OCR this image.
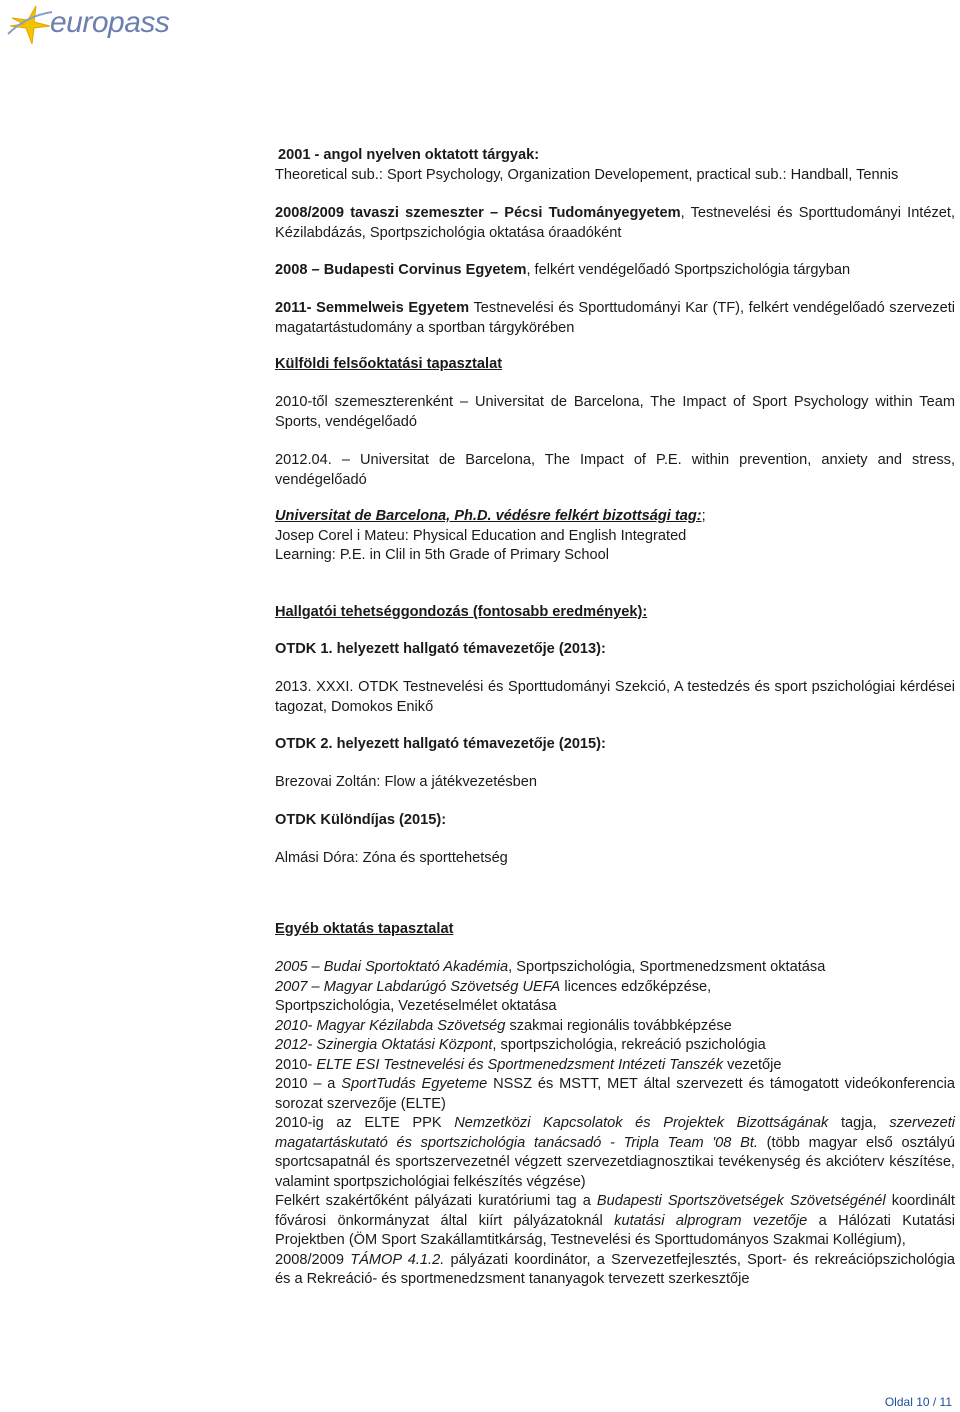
europass
2001 - angol nyelven oktatott tárgyak:
Theoretical sub.: Sport Psychology, Organization Developement, practical sub.: Handball, Tennis
2008/2009 tavaszi szemeszter – Pécsi Tudományegyetem, Testnevelési és Sporttudományi Intézet, Kézilabdázás, Sportpszichológia oktatása óraadóként
2008 – Budapesti Corvinus Egyetem, felkért vendégelőadó Sportpszichológia tárgyban
2011- Semmelweis Egyetem Testnevelési és Sporttudományi Kar (TF), felkért vendégelőadó szervezeti magatartástudomány a sportban tárgykörében
Külföldi felsőoktatási tapasztalat
2010-től szemeszterenként – Universitat de Barcelona, The Impact of Sport Psychology within Team Sports, vendégelőadó
2012.04. – Universitat de Barcelona, The Impact of P.E. within prevention, anxiety and stress, vendégelőadó
Universitat de Barcelona, Ph.D. védésre felkért bizottsági tag:;
Josep Corel i Mateu: Physical Education and English Integrated
Learning: P.E. in Clil in 5th Grade of Primary School
Hallgatói tehetséggondozás (fontosabb eredmények):
OTDK 1. helyezett hallgató témavezetője (2013):
2013. XXXI. OTDK Testnevelési és Sporttudományi Szekció, A testedzés és sport pszichológiai kérdései tagozat, Domokos Enikő
OTDK 2. helyezett hallgató témavezetője (2015):
Brezovai Zoltán: Flow a játékvezetésben
OTDK Különdíjas (2015):
Almási Dóra: Zóna és sporttehetség
Egyéb oktatás tapasztalat
2005 – Budai Sportoktató Akadémia, Sportpszichológia, Sportmenedzsment oktatása
2007 – Magyar Labdarúgó Szövetség UEFA licences edzőképzése,
Sportpszichológia, Vezetéselmélet oktatása
2010- Magyar Kézilabda Szövetség szakmai regionális továbbképzése
2012- Szinergia Oktatási Központ, sportpszichológia, rekreáció pszichológia
2010- ELTE ESI Testnevelési és Sportmenedzsment Intézeti Tanszék vezetője
2010 – a SportTudás Egyeteme NSSZ és MSTT, MET által szervezett és támogatott videókonferencia sorozat szervezője (ELTE)
2010-ig az ELTE PPK Nemzetközi Kapcsolatok és Projektek Bizottságának tagja, szervezeti magatartáskutató és sportszichológia tanácsadó - Tripla Team '08 Bt. (több magyar első osztályú sportcsapatnál és sportszervezetnél végzett szervezetdiagnosztikai tevékenység és akcióterv készítése, valamint sportpszichológiai felkészítés végzése)
Felkért szakértőként pályázati kuratóriumi tag a Budapesti Sportszövetségek Szövetségénél koordinált fővárosi önkormányzat által kiírt pályázatoknál kutatási alprogram vezetője a Hálózati Kutatási Projektben (ÖM Sport Szakállamtitkárság, Testnevelési és Sporttudományos Szakmai Kollégium),
2008/2009 TÁMOP 4.1.2. pályázati koordinátor, a Szervezetfejlesztés, Sport- és rekreációpszichológia és a Rekreáció- és sportmenedzsment tananyagok tervezett szerkesztője
Oldal 10 / 11
